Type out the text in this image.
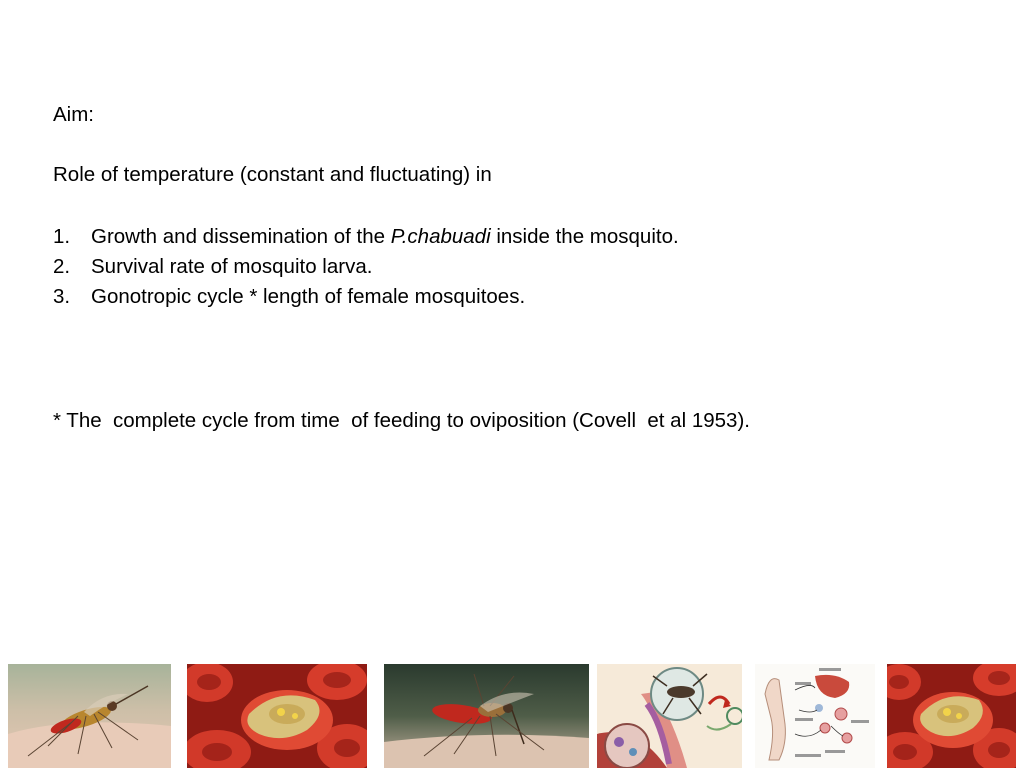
Aim:

Role of temperature (constant and fluctuating) in

1.	Growth and dissemination of the P.chabuadi inside the mosquito.
2.	Survival rate of mosquito larva.
3.	Gonotropic cycle * length of female mosquitoes.

* The  complete cycle from time  of feeding to oviposition (Covell  et al 1953).
